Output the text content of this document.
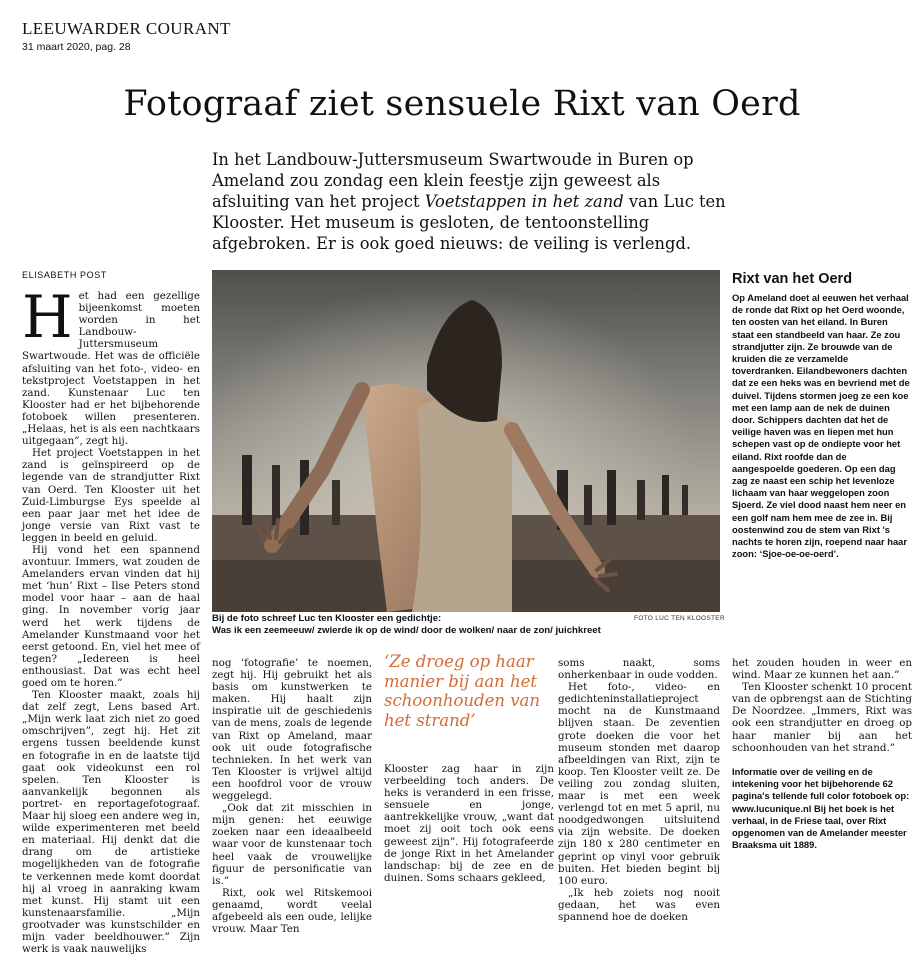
LEEUWARDER COURANT
31 maart 2020, pag. 28
Fotograaf ziet sensuele Rixt van Oerd
In het Landbouw-Juttersmuseum Swartwoude in Buren op Ameland zou zondag een klein feestje zijn geweest als afsluiting van het project Voetstappen in het zand van Luc ten Klooster. Het museum is gesloten, de tentoonstelling afgebroken. Er is ook goed nieuws: de veiling is verlengd.
ELISABETH POST

Het had een gezellige bijeenkomst moeten worden in het Landbouw-Juttersmuseum Swartwoude. Het was de officiële afsluiting van het foto-, video- en tekstproject Voetstappen in het zand. Kunstenaar Luc ten Klooster had er het bijbehorende fotoboek willen presenteren. „Helaas, het is als een nachtkaars uitgegaan”, zegt hij.

Het project Voetstappen in het zand is geïnspireerd op de legende van de strandjutter Rixt van Oerd. Ten Klooster uit het Zuid-Limburgse Eys speelde al een paar jaar met het idee de jonge versie van Rixt vast te leggen in beeld en geluid.

Hij vond het een spannend avontuur. Immers, wat zouden de Amelanders ervan vinden dat hij met ‘hun’ Rixt – Ilse Peters stond model voor haar – aan de haal ging. In november vorig jaar werd het werk tijdens de Amelander Kunstmaand voor het eerst getoond. En, viel het mee of tegen? „Iedereen is heel enthousiast. Dat was echt heel goed om te horen.”

Ten Klooster maakt, zoals hij dat zelf zegt, Lens based Art. „Mijn werk laat zich niet zo goed omschrijven”, zegt hij. Het zit ergens tussen beeldende kunst en fotografie in en de laatste tijd gaat ook videokunst een rol spelen. Ten Klooster is aanvankelijk begonnen als portret- en reportagefotograaf. Maar hij sloeg een andere weg in, wilde experimenteren met beeld en materiaal. Hij denkt dat die drang om de artistieke mogelijkheden van de fotografie te verkennen mede komt doordat hij al vroeg in aanraking kwam met kunst. Hij stamt uit een kunstenaarsfamilie. „Mijn grootvader was kunstschilder en mijn vader beeldhouwer.” Zijn werk is vaak nauwelijks

Bij de foto schreef Luc ten Klooster een gedichtje:
Was ik een zeemeeuw/ zwierde ik op de wind/ door de wolken/ naar de zon/ juichkreet
FOTO LUC TEN KLOOSTER

nog ‘fotografie’ te noemen, zegt hij. Hij gebruikt het als basis om kunstwerken te maken. Hij haalt zijn inspiratie uit de geschiedenis van de mens, zoals de legende van Rixt op Ameland, maar ook uit oude fotografische technieken. In het werk van Ten Klooster is vrijwel altijd een hoofdrol voor de vrouw weggelegd.

„Ook dat zit misschien in mijn genen: het eeuwige zoeken naar een ideaalbeeld waar voor de kunstenaar toch heel vaak de vrouwelijke figuur de personificatie van is.”

Rixt, ook wel Ritskemooi genaamd, wordt veelal afgebeeld als een oude, lelijke vrouw. Maar Ten

‘Ze droeg op haar manier bij aan het schoonhouden van het strand’

Klooster zag haar in zijn verbeelding toch anders. De heks is veranderd in een frisse, sensuele en jonge, aantrekkelijke vrouw, „want dat moet zij ooit toch ook eens geweest zijn”. Hij fotografeerde de jonge Rixt in het Amelander landschap: bij de zee en de duinen. Soms schaars gekleed,

soms naakt, soms onherkenbaar in oude vodden.

Het foto-, video- en gedichteninstallatieproject mocht na de Kunstmaand blijven staan. De zeventien grote doeken die voor het museum stonden met daarop afbeeldingen van Rixt, zijn te koop. Ten Klooster veilt ze. De veiling zou zondag sluiten, maar is met een week verlengd tot en met 5 april, nu noodgedwongen uitsluitend via zijn website. De doeken zijn 180 x 280 centimeter en geprint op vinyl voor gebruik buiten. Het bieden begint bij 100 euro.

„Ik heb zoiets nog nooit gedaan, het was even spannend hoe de doeken

het zouden houden in weer en wind. Maar ze kunnen het aan.”

Ten Klooster schenkt 10 procent van de opbrengst aan de Stichting De Noordzee. „Immers, Rixt was ook een strandjutter en droeg op haar manier bij aan het schoonhouden van het strand.”

Rixt van het Oerd
Op Ameland doet al eeuwen het verhaal de ronde dat Rixt op het Oerd woonde, ten oosten van het eiland. In Buren staat een standbeeld van haar. Ze zou strandjutter zijn. Ze brouwde van de kruiden die ze verzamelde toverdranken. Eilandbewoners dachten dat ze een heks was en bevriend met de duivel. Tijdens stormen joeg ze een koe met een lamp aan de nek de duinen door. Schippers dachten dat het de veilige haven was en liepen met hun schepen vast op de ondiepte voor het eiland. Rixt roofde dan de aangespoelde goederen. Op een dag zag ze naast een schip het levenloze lichaam van haar weggelopen zoon Sjoerd. Ze viel dood naast hem neer en een golf nam hem mee de zee in. Bij oostenwind zou de stem van Rixt 's nachts te horen zijn, roepend naar haar zoon: ‘Sjoe-oe-oe-oerd’.
Informatie over de veiling en de intekening voor het bijbehorende 62 pagina's tellende full color fotoboek op: www.lucunique.nl Bij het boek is het verhaal, in de Friese taal, over Rixt opgenomen van de Amelander meester Braaksma uit 1889.
